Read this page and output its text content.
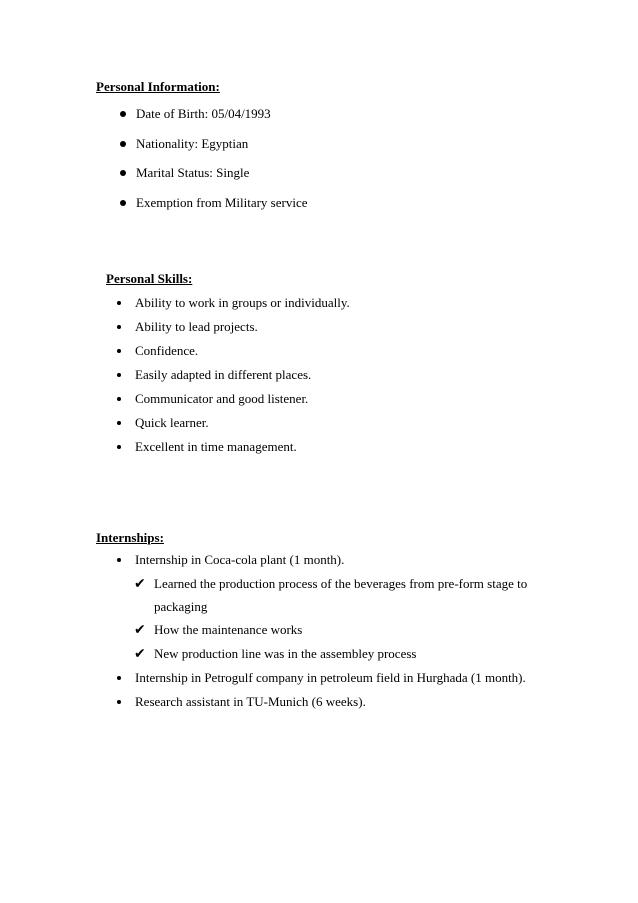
Personal Information:
Date of Birth: 05/04/1993
Nationality: Egyptian
Marital Status: Single
Exemption from Military service
Personal Skills:
Ability to work in groups or individually.
Ability to lead projects.
Confidence.
Easily adapted in different places.
Communicator and good listener.
Quick learner.
Excellent in time management.
Internships:
Internship in Coca-cola plant (1 month).
✔ Learned the production process of the beverages from pre-form stage to
packaging
✔ How the maintenance works
✔ New production line was in the assembley process
Internship in Petrogulf company in petroleum field in Hurghada (1 month).
Research assistant in TU-Munich (6 weeks).
